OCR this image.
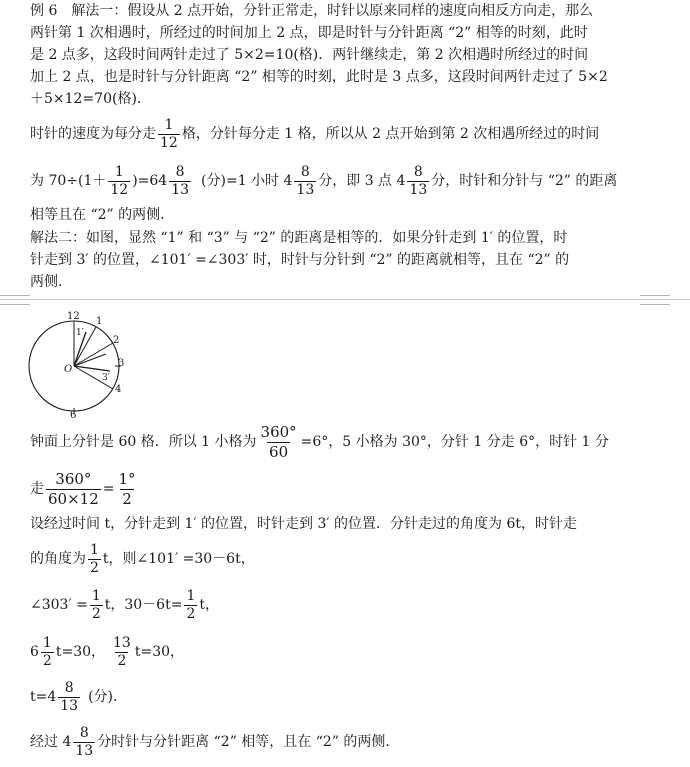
例 6　解法一：假设从 2 点开始，分针正常走，时针以原来同样的速度向相反方向走，那么
两针第 1 次相遇时，所经过的时间加上 2 点，即是时针与分针距离 “2” 相等的时刻，此时
是 2 点多，这段时间两针走过了 5×2=10(格)．两针继续走，第 2 次相遇时所经过的时间
加上 2 点，也是时针与分针距离 “2” 相等的时刻，此时是 3 点多，这段时间两针走过了 5×2
＋5×12=70(格)．
时针的速度为每分走 $\frac{1}{12}$ 格，分针每分走 1 格，所以从 2 点开始到第 2 次相遇所经过的时间
为 $70\div(1+ \frac{1}{12} )=64 \frac{8}{13}$ (分)=1 小时 $4 \frac{8}{13}$ 分，即 3 点 $4 \frac{8}{13}$ 分，时针和分针与 “2” 的距离
相等且在 “2” 的两侧．
解法二：如图，显然 “1” 和 “3” 与 “2” 的距离是相等的．如果分针走到 1′ 的位置，时
针走到 3′ 的位置，∠101′ =∠303′ 时，时针与分针到 “2” 的距离就相等，且在 “2” 的
两侧．
12 1
2
3
4
6
O
1′
3′
钟面上分针是 60 格．所以 1 小格为 $\frac{360^\circ}{60} =6^\circ$，5 小格为 30°，分针 1 分走 6°，时针 1 分
走 $\frac{360^\circ}{60\times 12} = \frac{1^\circ}{2}$
设经过时间 t，分针走到 1′ 的位置，时针走到 3′ 的位置．分针走过的角度为 6t，时针走
的角度为 $\frac{1}{2}$ t，则∠101′ =30－6t，
∠303′ = $\frac{1}{2}$ t，$30-6t= \frac{1}{2}$ t，
$6 \frac{1}{2} t=30$， $\frac{13}{2} t=30$，
$t=4 \frac{8}{13}$ (分)．
经过 $4 \frac{8}{13}$ 分时针与分针距离 “2” 相等，且在 “2” 的两侧．
